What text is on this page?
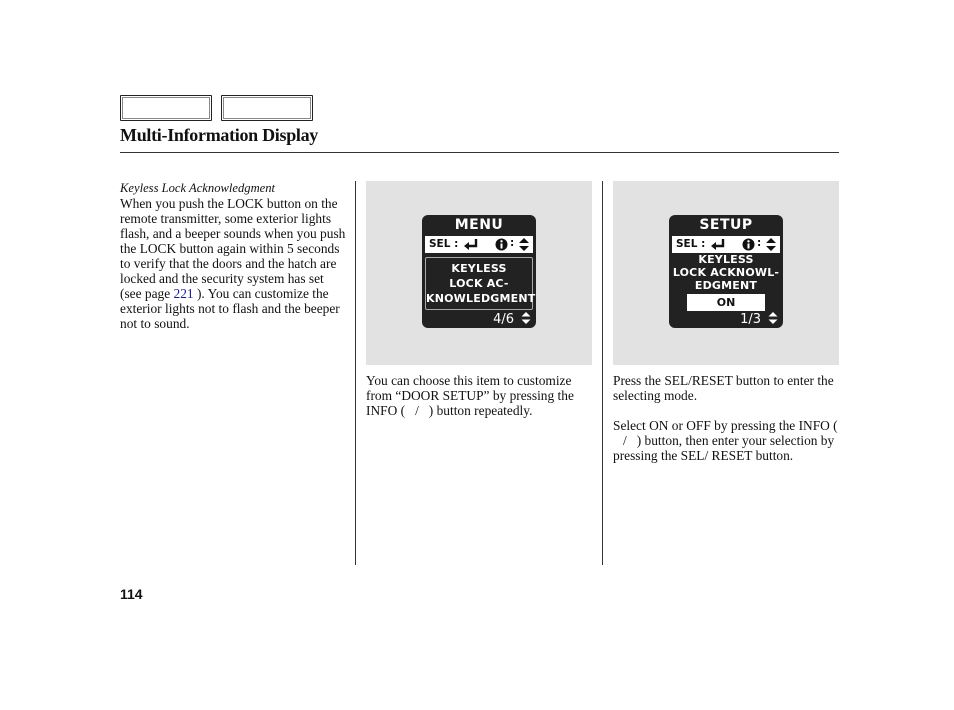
Multi-Information Display
Keyless Lock Acknowledgment
When you push the LOCK button on the remote transmitter, some exterior lights flash, and a beeper sounds when you push the LOCK button again within 5 seconds to verify that the doors and the hatch are locked and the security system has set (see page 221 ). You can customize the exterior lights not to flash and the beeper not to sound.
MENU
SEL :	:
KEYLESS
LOCK AC-
KNOWLEDGMENT
4/6
SETUP
SEL :	:
KEYLESS
LOCK ACKNOWL-
EDGMENT
ON
1/3
You can choose this item to customize from “DOOR SETUP” by pressing the INFO ( / ) button repeatedly.
Press the SEL/RESET button to enter the selecting mode.
Select ON or OFF by pressing the INFO (/ ) button, then enter your selection by pressing the SEL/ RESET button.
114
